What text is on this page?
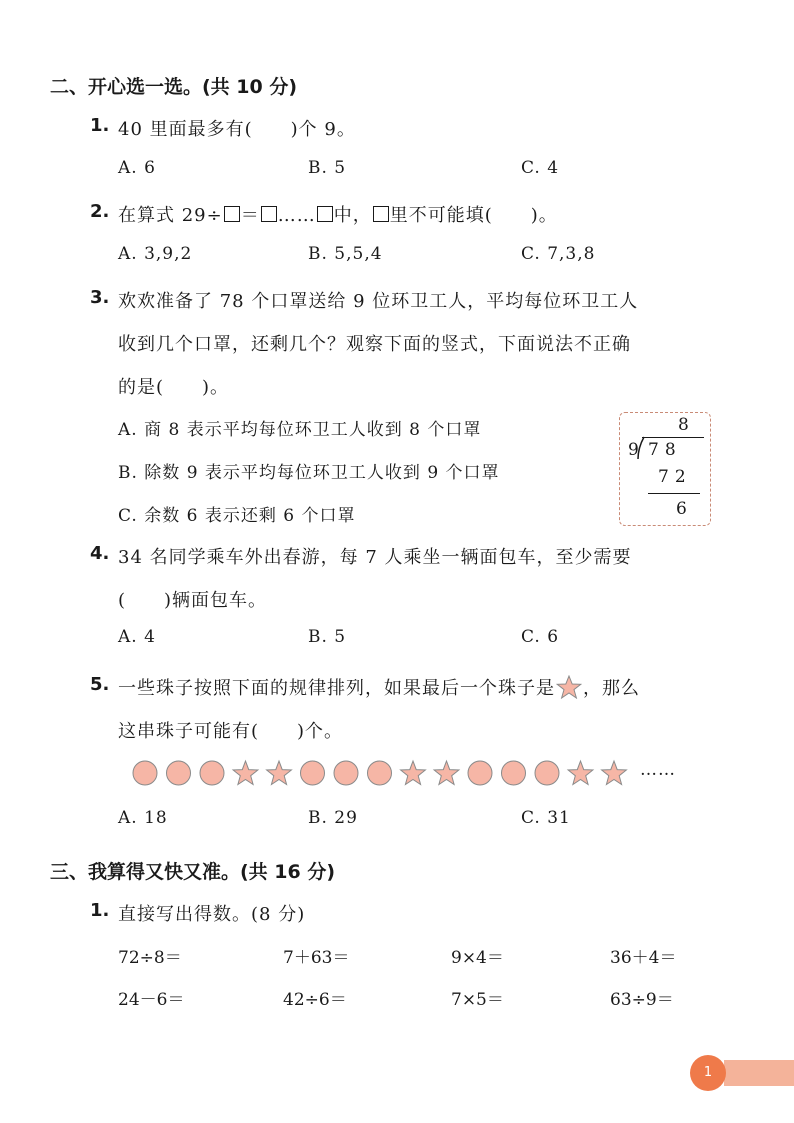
二、开心选一选。(共 10 分)
1. 40 里面最多有(　　)个 9。
A. 6	B. 5	C. 4
2. 在算式 29÷ ＝ …… 中， 里不可能填(　　)。
A. 3,9,2	B. 5,5,4	C. 7,3,8
3. 欢欢准备了 78 个口罩送给 9 位环卫工人，平均每位环卫工人
收到几个口罩，还剩几个？观察下面的竖式，下面说法不正确
的是(　　)。
A. 商 8 表示平均每位环卫工人收到 8 个口罩
B. 除数 9 表示平均每位环卫工人收到 9 个口罩
C. 余数 6 表示还剩 6 个口罩
8
9 78
72
6
4. 34 名同学乘车外出春游，每 7 人乘坐一辆面包车，至少需要
(　　)辆面包车。
A. 4	B. 5	C. 6
5. 一些珠子按照下面的规律排列，如果最后一个珠子是 ，那么
这串珠子可能有(　　)个。
……
A. 18	B. 29	C. 31
三、我算得又快又准。(共 16 分)
1. 直接写出得数。(8 分)
72÷8＝	7＋63＝	9×4＝	36＋4＝
24－6＝	42÷6＝	7×5＝	63÷9＝
1
